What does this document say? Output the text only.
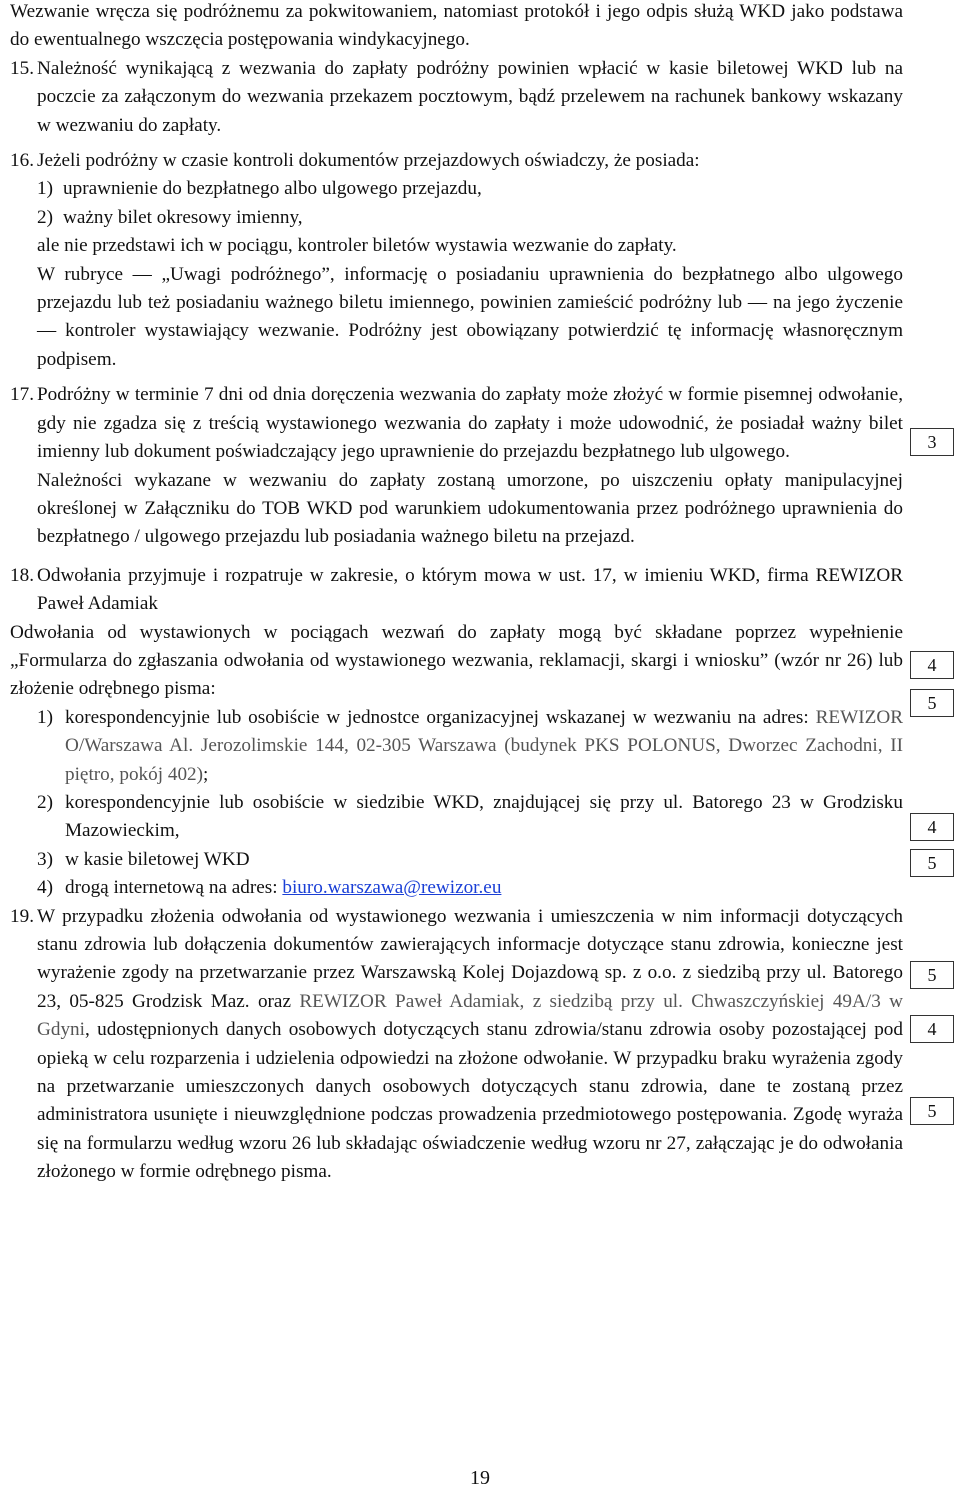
Wezwanie wręcza się podróżnemu za pokwitowaniem, natomiast protokół i jego odpis służą WKD jako podstawa do ewentualnego wszczęcia postępowania windykacyjnego.

15. Należność wynikającą z wezwania do zapłaty podróżny powinien wpłacić w kasie biletowej WKD lub na poczcie za załączonym do wezwania przekazem pocztowym, bądź przelewem na rachunek bankowy wskazany w wezwaniu do zapłaty.

16. Jeżeli podróżny w czasie kontroli dokumentów przejazdowych oświadczy, że posiada:

1) uprawnienie do bezpłatnego albo ulgowego przejazdu,

2) ważny bilet okresowy imienny,

ale nie przedstawi ich w pociągu, kontroler biletów wystawia wezwanie do zapłaty.

W rubryce ― „Uwagi podróżnego”, informację o posiadaniu uprawnienia do bezpłatnego albo ulgowego przejazdu lub też posiadaniu ważnego biletu imiennego, powinien zamieścić podróżny lub ― na jego życzenie ― kontroler wystawiający wezwanie. Podróżny jest obowiązany potwierdzić tę informację własnoręcznym podpisem.

17. Podróżny w terminie 7 dni od dnia doręczenia wezwania do zapłaty może złożyć w formie pisemnej odwołanie, gdy nie zgadza się z treścią wystawionego wezwania do zapłaty i może udowodnić, że posiadał ważny bilet imienny lub dokument poświadczający jego uprawnienie do przejazdu bezpłatnego lub ulgowego.

Należności wykazane w wezwaniu do zapłaty zostaną umorzone, po uiszczeniu opłaty manipulacyjnej określonej w Załączniku do TOB WKD pod warunkiem udokumentowania przez podróżnego uprawnienia do bezpłatnego / ulgowego przejazdu lub posiadania ważnego biletu na przejazd.

18. Odwołania przyjmuje i rozpatruje w zakresie, o którym mowa w ust. 17, w imieniu WKD, firma REWIZOR Paweł Adamiak

Odwołania od wystawionych w pociągach wezwań do zapłaty mogą być składane poprzez wypełnienie „Formularza do zgłaszania odwołania od wystawionego wezwania, reklamacji, skargi i wniosku” (wzór nr 26) lub złożenie odrębnego pisma:

1) korespondencyjnie lub osobiście w jednostce organizacyjnej wskazanej w wezwaniu na adres: REWIZOR O/Warszawa Al. Jerozolimskie 144, 02-305 Warszawa (budynek PKS POLONUS, Dworzec Zachodni, II piętro, pokój 402);

2) korespondencyjnie lub osobiście w siedzibie WKD, znajdującej się przy ul. Batorego 23 w Grodzisku Mazowieckim,

3) w kasie biletowej WKD

4) drogą internetową na adres: biuro.warszawa@rewizor.eu

19. W przypadku złożenia odwołania od wystawionego wezwania i umieszczenia w nim informacji dotyczących stanu zdrowia lub dołączenia dokumentów zawierających informacje dotyczące stanu zdrowia, konieczne jest wyrażenie zgody na przetwarzanie przez Warszawską Kolej Dojazdową sp. z o.o. z siedzibą przy ul. Batorego 23, 05-825 Grodzisk Maz. oraz REWIZOR Paweł Adamiak, z siedzibą przy ul. Chwaszczyńskiej 49A/3 w Gdyni, udostępnionych danych osobowych dotyczących stanu zdrowia/stanu zdrowia osoby pozostającej pod opieką w celu rozparzenia i udzielenia odpowiedzi na złożone odwołanie. W przypadku braku wyrażenia zgody na przetwarzanie umieszczonych danych osobowych dotyczących stanu zdrowia, dane te zostaną przez administratora usunięte i nieuwzględnione podczas prowadzenia przedmiotowego postępowania. Zgodę wyraża się na formularzu według wzoru 26 lub składając oświadczenie według wzoru nr 27, załączając je do odwołania złożonego w formie odrębnego pisma.

3
4
5
4
5
5
4
5
19
